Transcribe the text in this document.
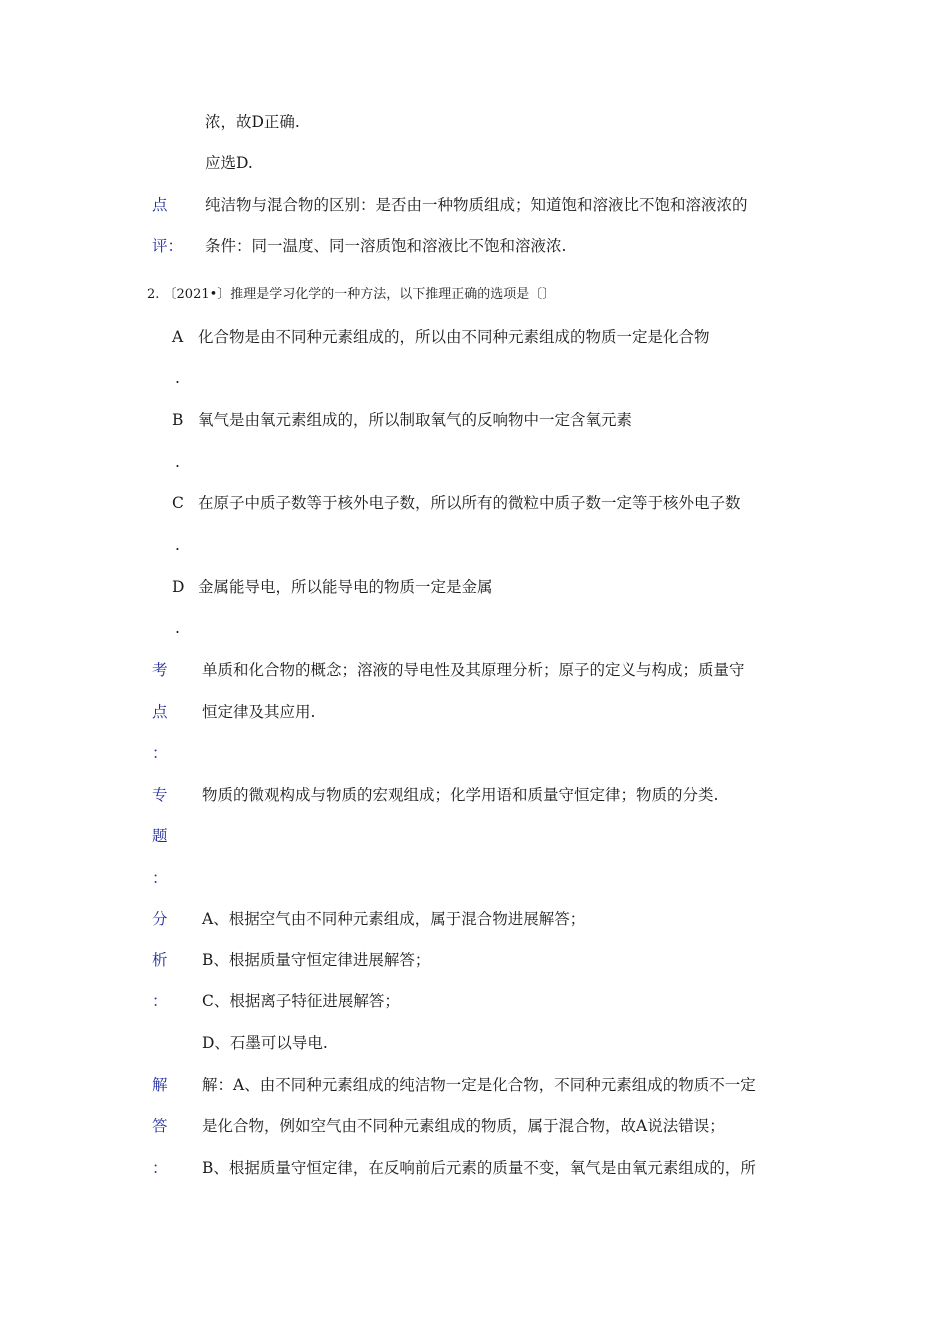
浓，故D正确.
应选D.
点
评：
纯洁物与混合物的区别：是否由一种物质组成；知道饱和溶液比不饱和溶液浓的
条件：同一温度、同一溶质饱和溶液比不饱和溶液浓.
2. 〔2021•〕推理是学习化学的一种方法，以下推理正确的选项是〔〕
A 化合物是由不同种元素组成的，所以由不同种元素组成的物质一定是化合物
.
B 氧气是由氧元素组成的，所以制取氧气的反响物中一定含氧元素
.
C 在原子中质子数等于核外电子数，所以所有的微粒中质子数一定等于核外电子数
.
D 金属能导电，所以能导电的物质一定是金属
.
考
点
：
单质和化合物的概念；溶液的导电性及其原理分析；原子的定义与构成；质量守
恒定律及其应用.
专
题
：
物质的微观构成与物质的宏观组成；化学用语和质量守恒定律；物质的分类.
分
析
：
A、根据空气由不同种元素组成，属于混合物进展解答；
B、根据质量守恒定律进展解答；
C、根据离子特征进展解答；
D、石墨可以导电.
解
答
：
解：A、由不同种元素组成的纯洁物一定是化合物，不同种元素组成的物质不一定
是化合物，例如空气由不同种元素组成的物质，属于混合物，故A说法错误；
B、根据质量守恒定律，在反响前后元素的质量不变，氧气是由氧元素组成的，所
